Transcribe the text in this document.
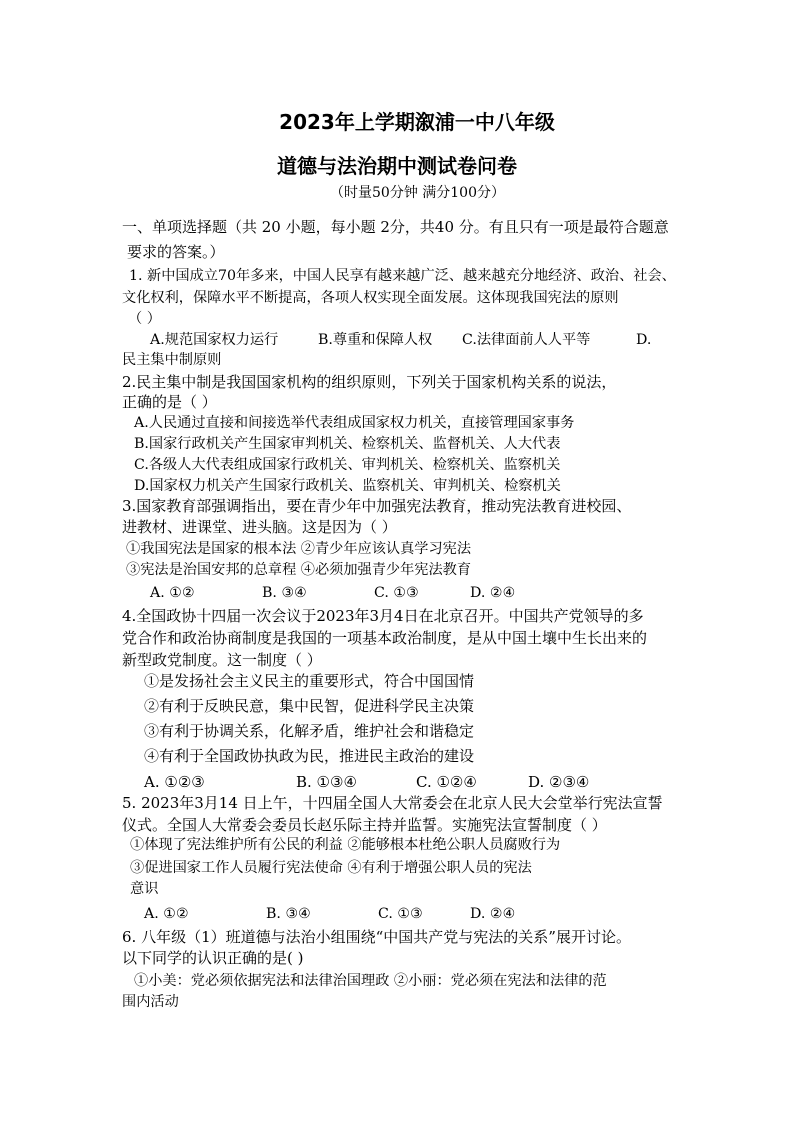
2023年上学期溆浦一中八年级
道德与法治期中测试卷问卷
（时量50分钟 满分100分）
一、单项选择题（共 20 小题，每小题 2分，共40 分。有且只有一项是最符合题意
要求的答案。）
1. 新中国成立70年多来，中国人民享有越来越广泛、越来越充分地经济、政治、社会、
文化权利，保障水平不断提高，各项人权实现全面发展。这体现我国宪法的原则
（ ）
A.规范国家权力运行	B.尊重和保障人权 C.法律面前人人平等	D.
民主集中制原则
2.民主集中制是我国国家机构的组织原则，下列关于国家机构关系的说法，
正确的是（ ）
A.人民通过直接和间接选举代表组成国家权力机关，直接管理国家事务
B.国家行政机关产生国家审判机关、检察机关、监督机关、人大代表
C.各级人大代表组成国家行政机关、审判机关、检察机关、监察机关
D.国家权力机关产生国家行政机关、监察机关、审判机关、检察机关
3.国家教育部强调指出，要在青少年中加强宪法教育，推动宪法教育进校园、
进教材、进课堂、进头脑。这是因为（ ）
①我国宪法是国家的根本法 ②青少年应该认真学习宪法
③宪法是治国安邦的总章程 ④必须加强青少年宪法教育
A. ①②	B. ③④	C. ①③	D. ②④
4.全国政协十四届一次会议于2023年3月4日在北京召开。中国共产党领导的多
党合作和政治协商制度是我国的一项基本政治制度，是从中国土壤中生长出来的
新型政党制度。这一制度（ ）
①是发扬社会主义民主的重要形式，符合中国国情
②有利于反映民意，集中民智，促进科学民主决策
③有利于协调关系，化解矛盾，维护社会和谐稳定
④有利于全国政协执政为民，推进民主政治的建设
A. ①②③	B. ①③④	C. ①②④	D. ②③④
5. 2023年3月14 日上午，十四届全国人大常委会在北京人民大会堂举行宪法宣誓
仪式。全国人大常委会委员长赵乐际主持并监誓。实施宪法宣誓制度（ ）
①体现了宪法维护所有公民的利益 ②能够根本杜绝公职人员腐败行为
③促进国家工作人员履行宪法使命 ④有利于增强公职人员的宪法
意识
A. ①②	B. ③④	C. ①③	D. ②④
6. 八年级（1）班道德与法治小组围绕“中国共产党与宪法的关系”展开讨论。
以下同学的认识正确的是( )
①小美：党必须依据宪法和法律治国理政 ②小丽：党必须在宪法和法律的范
围内活动
